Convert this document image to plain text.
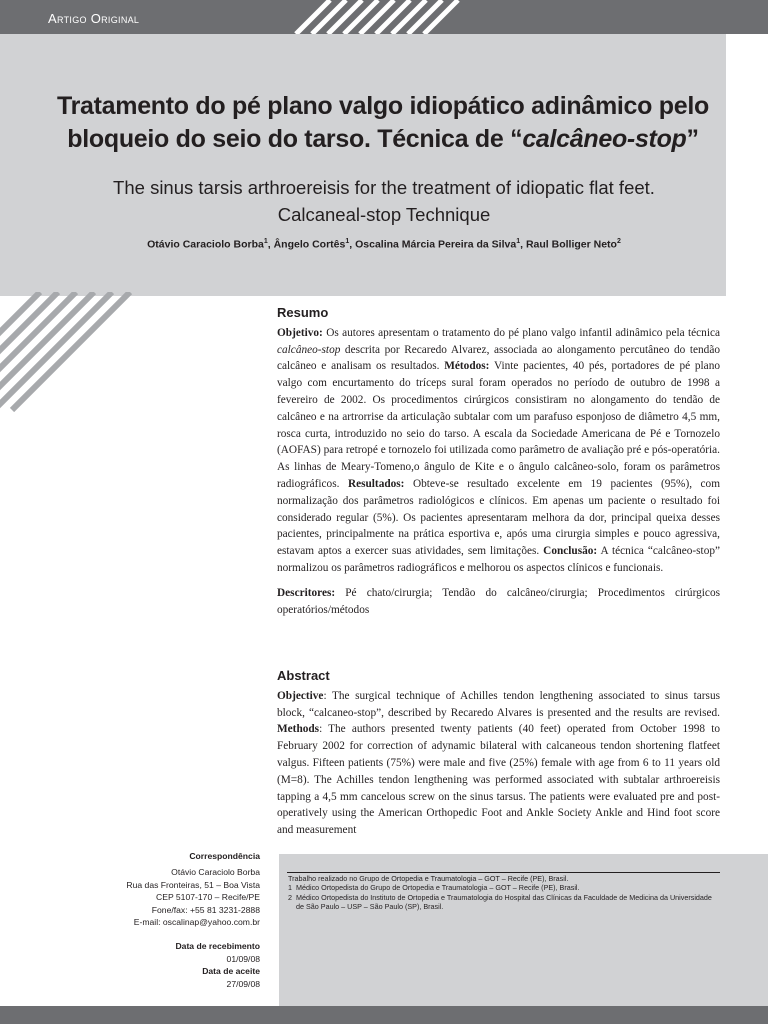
Artigo Original
Tratamento do pé plano valgo idiopático adinâmico pelo
bloqueio do seio do tarso. Técnica de “calcâneo-stop”
The sinus tarsis arthroereisis for the treatment of idiopatic flat feet.
Calcaneal-stop Technique
Otávio Caraciolo Borba$^1$, Ângelo Cortês$^1$, Oscalina Márcia Pereira da Silva$^1$, Raul Bolliger Neto$^2$
Resumo
Objetivo: Os autores apresentam o tratamento do pé plano valgo infantil adinâmico pela técnica calcâneo-stop descrita por Recaredo Alvarez, associada ao alongamento percutâneo do tendão calcâneo e analisam os resultados. Métodos: Vinte pacientes, 40 pés, portadores de pé plano valgo com encurtamento do tríceps sural foram operados no período de outubro de 1998 a fevereiro de 2002. Os procedimentos cirúrgicos consistiram no alongamento do tendão de calcâneo e na artrorrise da articulação subtalar com um parafuso esponjoso de diâmetro 4,5 mm, rosca curta, introduzido no seio do tarso. A escala da Sociedade Americana de Pé e Tornozelo (AOFAS) para retropé e tornozelo foi utilizada como parâmetro de avaliação pré e pós-operatória. As linhas de Meary-Tomeno,o ângulo de Kite e o ângulo calcâneo-solo, foram os parâmetros radiográficos. Resultados: Obteve-se resultado excelente em 19 pacientes (95%), com normalização dos parâmetros radiológicos e clínicos. Em apenas um paciente o resultado foi considerado regular (5%). Os pacientes apresentaram melhora da dor, principal queixa desses pacientes, principalmente na prática esportiva e, após uma cirurgia simples e pouco agressiva, estavam aptos a exercer suas atividades, sem limitações. Conclusão: A técnica “calcâneo-stop” normalizou os parâmetros radiográficos e melhorou os aspectos clínicos e funcionais.
Descritores: Pé chato/cirurgia; Tendão do calcâneo/cirurgia; Procedimentos cirúrgicos operatórios/métodos
Abstract
Objective: The surgical technique of Achilles tendon lengthening associated to sinus tarsus block, “calcaneo-stop”, described by Recaredo Alvares is presented and the results are revised. Methods: The authors presented twenty patients (40 feet) operated from October 1998 to February 2002 for correction of adynamic bilateral with calcaneous tendon shortening flatfeet valgus. Fifteen patients (75%) were male and five (25%) female with age from 6 to 11 years old (M=8). The Achilles tendon lengthening was performed associated with subtalar arthroereisis tapping a 4,5 mm cancelous screw on the sinus tarsus. The patients were evaluated pre and post-operatively using the American Orthopedic Foot and Ankle Society Ankle and Hind foot score and measurement
Correspondência
Otávio Caraciolo Borba
Rua das Fronteiras, 51 – Boa Vista
CEP 5107-170 – Recife/PE
Fone/fax: +55 81 3231-2888
E-mail: oscalinap@yahoo.com.br
Data de recebimento
01/09/08
Data de aceite
27/09/08
Trabalho realizado no Grupo de Ortopedia e Traumatologia – GOT – Recife (PE), Brasil.
1 Médico Ortopedista do Grupo de Ortopedia e Traumatologia – GOT – Recife (PE), Brasil.
2 Médico Ortopedista do Instituto de Ortopedia e Traumatologia do Hospital das Clínicas da Faculdade de Medicina da Universidade
de São Paulo – USP – São Paulo (SP), Brasil.
